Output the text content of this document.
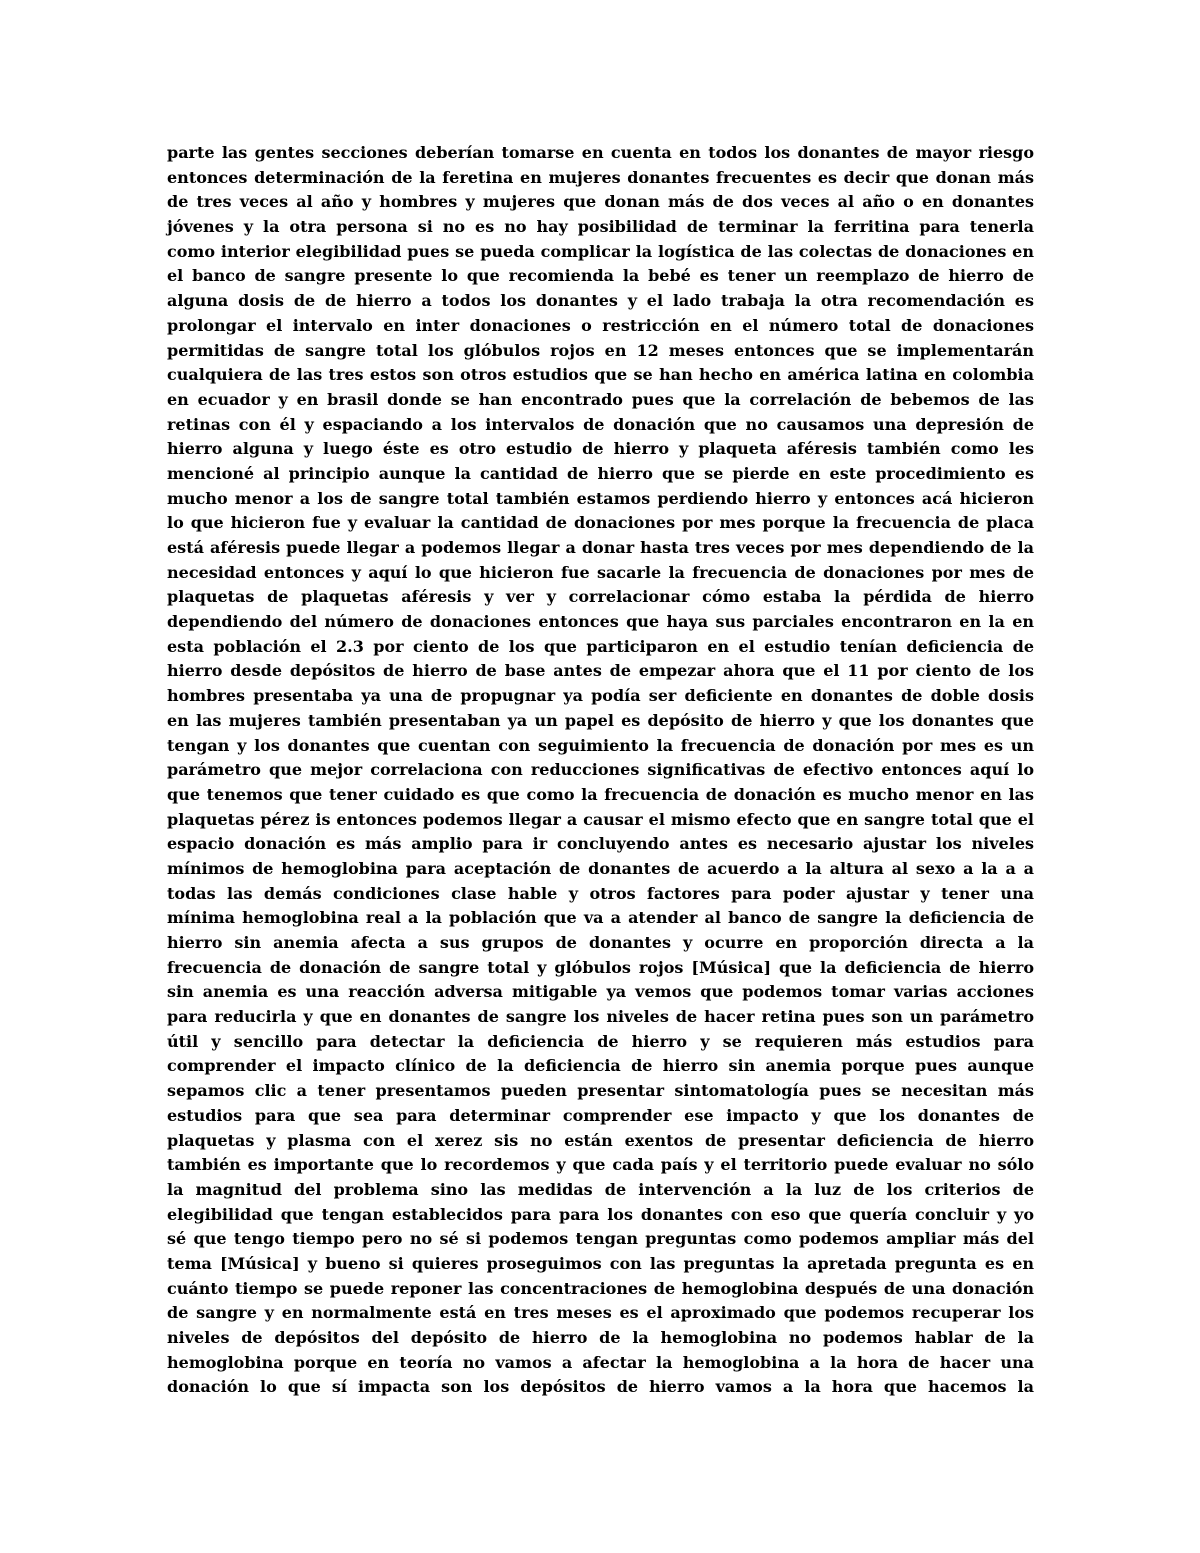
parte las gentes secciones deberían tomarse en cuenta en todos los donantes de mayor riesgo
entonces determinación de la feretina en mujeres donantes frecuentes es decir que donan más
de tres veces al año y hombres y mujeres que donan más de dos veces al año o en donantes
jóvenes y la otra persona si no es no hay posibilidad de terminar la ferritina para tenerla
como interior elegibilidad pues se pueda complicar la logística de las colectas de donaciones en
el banco de sangre presente lo que recomienda la bebé es tener un reemplazo de hierro de
alguna dosis de de hierro a todos los donantes y el lado trabaja la otra recomendación es
prolongar el intervalo en inter donaciones o restricción en el número total de donaciones
permitidas de sangre total los glóbulos rojos en 12 meses entonces que se implementarán
cualquiera de las tres estos son otros estudios que se han hecho en américa latina en colombia
en ecuador y en brasil donde se han encontrado pues que la correlación de bebemos de las
retinas con él y espaciando a los intervalos de donación que no causamos una depresión de
hierro alguna y luego éste es otro estudio de hierro y plaqueta aféresis también como les
mencioné al principio aunque la cantidad de hierro que se pierde en este procedimiento es
mucho menor a los de sangre total también estamos perdiendo hierro y entonces acá hicieron
lo que hicieron fue y evaluar la cantidad de donaciones por mes porque la frecuencia de placa
está aféresis puede llegar a podemos llegar a donar hasta tres veces por mes dependiendo de la
necesidad entonces y aquí lo que hicieron fue sacarle la frecuencia de donaciones por mes de
plaquetas de plaquetas aféresis y ver y correlacionar cómo estaba la pérdida de hierro
dependiendo del número de donaciones entonces que haya sus parciales encontraron en la en
esta población el 2.3 por ciento de los que participaron en el estudio tenían deficiencia de
hierro desde depósitos de hierro de base antes de empezar ahora que el 11 por ciento de los
hombres presentaba ya una de propugnar ya podía ser deficiente en donantes de doble dosis
en las mujeres también presentaban ya un papel es depósito de hierro y que los donantes que
tengan y los donantes que cuentan con seguimiento la frecuencia de donación por mes es un
parámetro que mejor correlaciona con reducciones significativas de efectivo entonces aquí lo
que tenemos que tener cuidado es que como la frecuencia de donación es mucho menor en las
plaquetas pérez is entonces podemos llegar a causar el mismo efecto que en sangre total que el
espacio donación es más amplio para ir concluyendo antes es necesario ajustar los niveles
mínimos de hemoglobina para aceptación de donantes de acuerdo a la altura al sexo a la a a
todas las demás condiciones clase hable y otros factores para poder ajustar y tener una
mínima hemoglobina real a la población que va a atender al banco de sangre la deficiencia de
hierro sin anemia afecta a sus grupos de donantes y ocurre en proporción directa a la
frecuencia de donación de sangre total y glóbulos rojos [Música] que la deficiencia de hierro
sin anemia es una reacción adversa mitigable ya vemos que podemos tomar varias acciones
para reducirla y que en donantes de sangre los niveles de hacer retina pues son un parámetro
útil y sencillo para detectar la deficiencia de hierro y se requieren más estudios para
comprender el impacto clínico de la deficiencia de hierro sin anemia porque pues aunque
sepamos clic a tener presentamos pueden presentar sintomatología pues se necesitan más
estudios para que sea para determinar comprender ese impacto y que los donantes de
plaquetas y plasma con el xerez sis no están exentos de presentar deficiencia de hierro
también es importante que lo recordemos y que cada país y el territorio puede evaluar no sólo
la magnitud del problema sino las medidas de intervención a la luz de los criterios de
elegibilidad que tengan establecidos para para los donantes con eso que quería concluir y yo
sé que tengo tiempo pero no sé si podemos tengan preguntas como podemos ampliar más del
tema [Música] y bueno si quieres proseguimos con las preguntas la apretada pregunta es en
cuánto tiempo se puede reponer las concentraciones de hemoglobina después de una donación
de sangre y en normalmente está en tres meses es el aproximado que podemos recuperar los
niveles de depósitos del depósito de hierro de la hemoglobina no podemos hablar de la
hemoglobina porque en teoría no vamos a afectar la hemoglobina a la hora de hacer una
donación lo que sí impacta son los depósitos de hierro vamos a la hora que hacemos la
